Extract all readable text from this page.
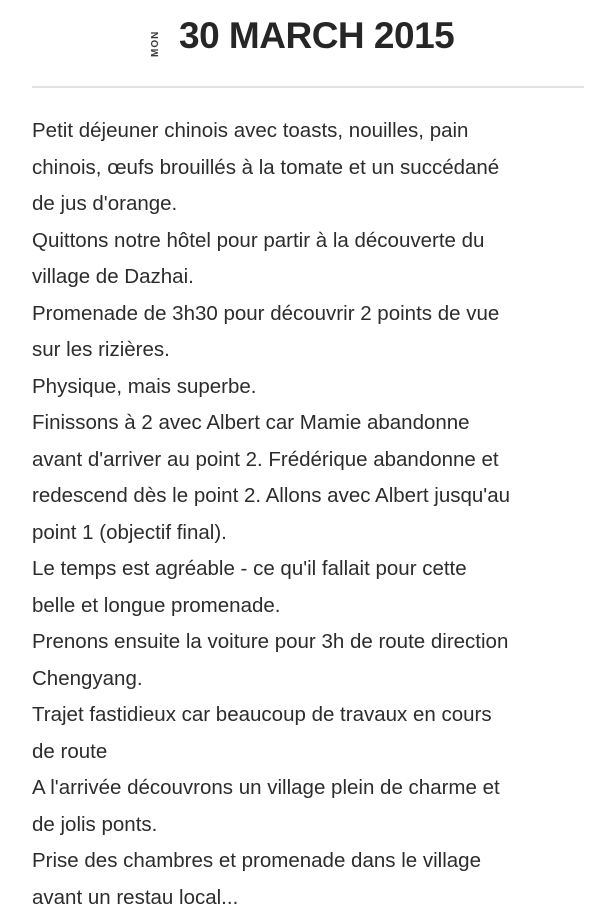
MON 30 MARCH 2015

Petit déjeuner chinois avec toasts, nouilles, pain
chinois, œufs brouillés à la tomate et un succédané
de jus d'orange.

Quittons notre hôtel pour partir à la découverte du
village de Dazhai.

Promenade de 3h30 pour découvrir 2 points de vue
sur les rizières.

Physique, mais superbe.

Finissons à 2 avec Albert car Mamie abandonne
avant d'arriver au point 2. Frédérique abandonne et
redescend dès le point 2. Allons avec Albert jusqu'au
point 1 (objectif final).

Le temps est agréable - ce qu'il fallait pour cette
belle et longue promenade.

Prenons ensuite la voiture pour 3h de route direction
Chengyang.

Trajet fastidieux car beaucoup de travaux en cours
de route

A l'arrivée découvrons un village plein de charme et
de jolis ponts.

Prise des chambres et promenade dans le village
avant un restau local...
